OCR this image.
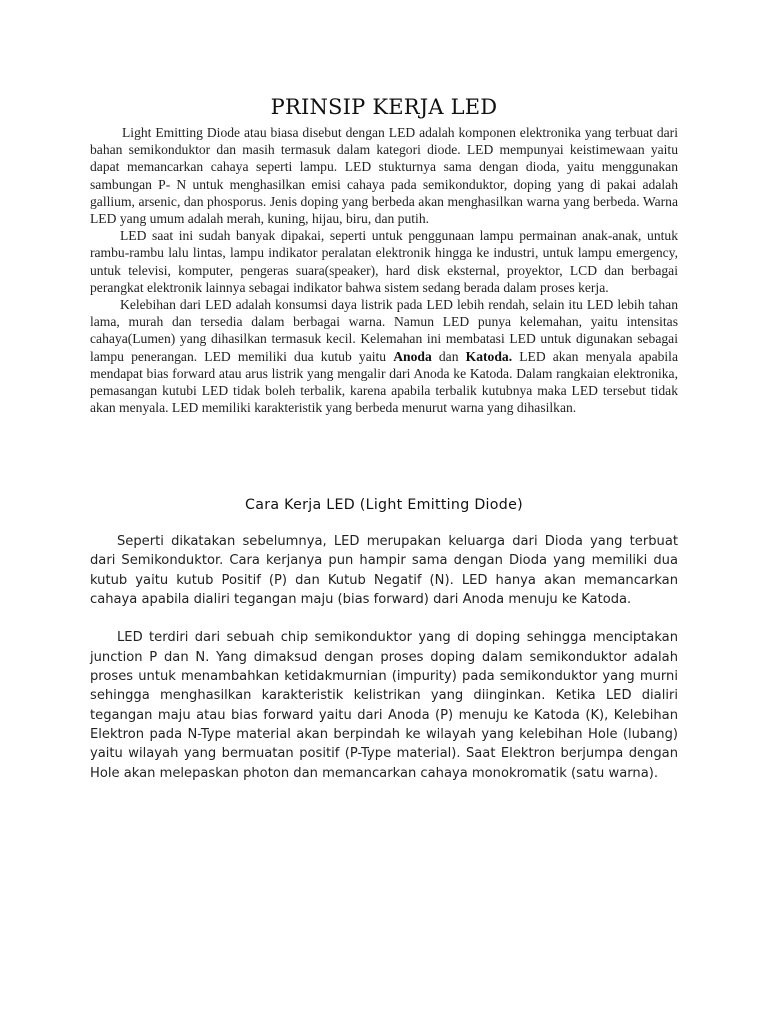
PRINSIP KERJA LED

Light Emitting Diode atau biasa disebut dengan LED adalah komponen elektronika yang terbuat dari bahan semikonduktor dan masih termasuk dalam kategori diode. LED mempunyai keistimewaan yaitu dapat memancarkan cahaya seperti lampu. LED stukturnya sama dengan dioda, yaitu menggunakan sambungan P- N untuk menghasilkan emisi cahaya pada semikonduktor, doping yang di pakai adalah gallium, arsenic, dan phosporus. Jenis doping yang berbeda akan menghasilkan warna yang berbeda. Warna LED yang umum adalah merah, kuning, hijau, biru, dan putih.

LED saat ini sudah banyak dipakai, seperti untuk penggunaan lampu permainan anak-anak, untuk rambu-rambu lalu lintas, lampu indikator peralatan elektronik hingga ke industri, untuk lampu emergency, untuk televisi, komputer, pengeras suara(speaker), hard disk eksternal, proyektor, LCD dan berbagai perangkat elektronik lainnya sebagai indikator bahwa sistem sedang berada dalam proses kerja.

Kelebihan dari LED adalah konsumsi daya listrik pada LED lebih rendah, selain itu LED lebih tahan lama, murah dan tersedia dalam berbagai warna. Namun LED punya kelemahan, yaitu intensitas cahaya(Lumen) yang dihasilkan termasuk kecil. Kelemahan ini membatasi LED untuk digunakan sebagai lampu penerangan. LED memiliki dua kutub yaitu Anoda dan Katoda. LED akan menyala apabila mendapat bias forward atau arus listrik yang mengalir dari Anoda ke Katoda. Dalam rangkaian elektronika, pemasangan kutubi LED tidak boleh terbalik, karena apabila terbalik kutubnya maka LED tersebut tidak akan menyala. LED memiliki karakteristik yang berbeda menurut warna yang dihasilkan.

Cara Kerja LED (Light Emitting Diode)

Seperti dikatakan sebelumnya, LED merupakan keluarga dari Dioda yang terbuat dari Semikonduktor. Cara kerjanya pun hampir sama dengan Dioda yang memiliki dua kutub yaitu kutub Positif (P) dan Kutub Negatif (N). LED hanya akan memancarkan cahaya apabila dialiri tegangan maju (bias forward) dari Anoda menuju ke Katoda.

LED terdiri dari sebuah chip semikonduktor yang di doping sehingga menciptakan junction P dan N. Yang dimaksud dengan proses doping dalam semikonduktor adalah proses untuk menambahkan ketidakmurnian (impurity) pada semikonduktor yang murni sehingga menghasilkan karakteristik kelistrikan yang diinginkan. Ketika LED dialiri tegangan maju atau bias forward yaitu dari Anoda (P) menuju ke Katoda (K), Kelebihan Elektron pada N-Type material akan berpindah ke wilayah yang kelebihan Hole (lubang) yaitu wilayah yang bermuatan positif (P-Type material). Saat Elektron berjumpa dengan Hole akan melepaskan photon dan memancarkan cahaya monokromatik (satu warna).
